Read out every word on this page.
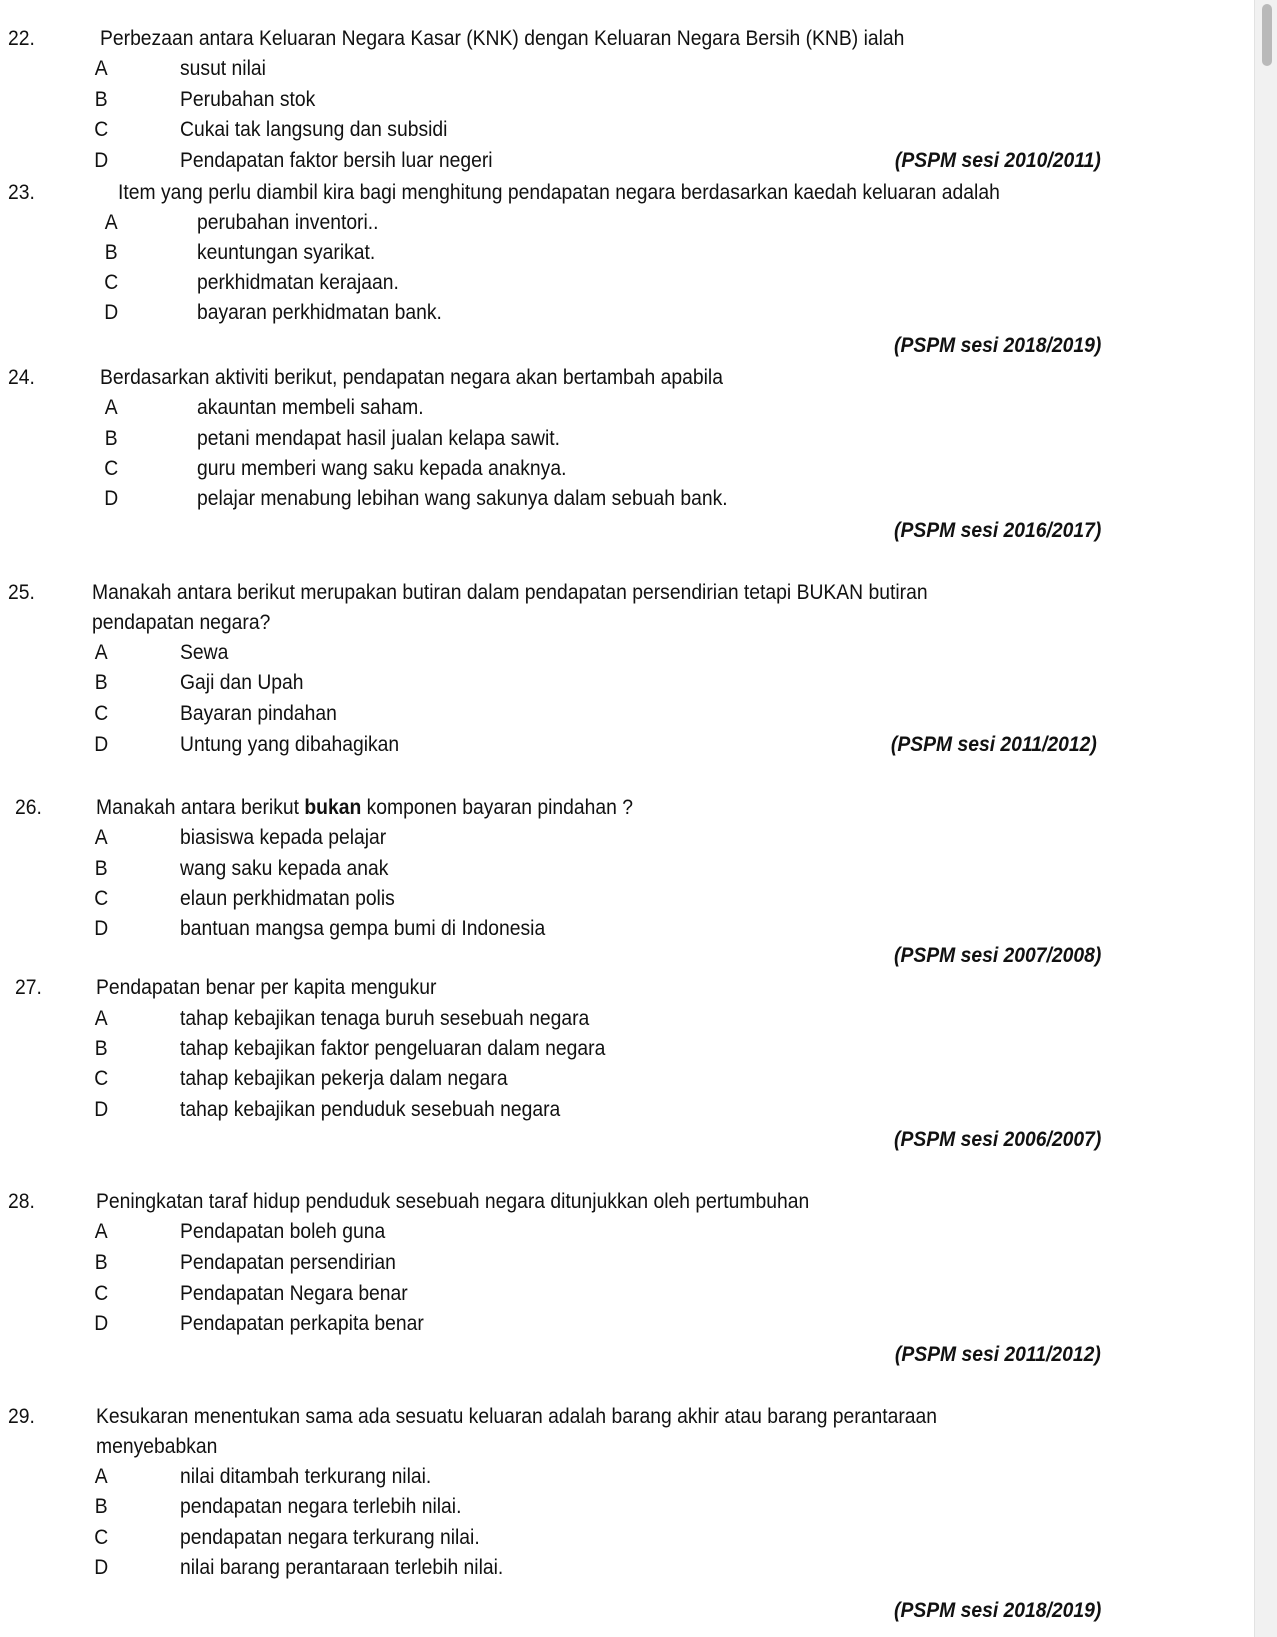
22.	Perbezaan antara Keluaran Negara Kasar (KNK) dengan Keluaran Negara Bersih (KNB) ialah
A	susut nilai
B	Perubahan stok
C	Cukai tak langsung dan subsidi
D	Pendapatan faktor bersih luar negeri	(PSPM sesi 2010/2011)
23.	Item yang perlu diambil kira bagi menghitung pendapatan negara berdasarkan kaedah keluaran adalah
A	perubahan inventori..
B	keuntungan syarikat.
C	perkhidmatan kerajaan.
D	bayaran perkhidmatan bank.
(PSPM sesi 2018/2019)
24.	Berdasarkan aktiviti berikut, pendapatan negara akan bertambah apabila
A	akauntan membeli saham.
B	petani mendapat hasil jualan kelapa sawit.
C	guru memberi wang saku kepada anaknya.
D	pelajar menabung lebihan wang sakunya dalam sebuah bank.
(PSPM sesi 2016/2017)
25.	Manakah antara berikut merupakan butiran dalam pendapatan persendirian tetapi BUKAN butiran
pendapatan negara?
A	Sewa
B	Gaji dan Upah
C	Bayaran pindahan
D	Untung yang dibahagikan	(PSPM sesi 2011/2012)
26.	Manakah antara berikut bukan komponen bayaran pindahan ?
A	biasiswa kepada pelajar
B	wang saku kepada anak
C	elaun perkhidmatan polis
D	bantuan mangsa gempa bumi di Indonesia
(PSPM sesi 2007/2008)
27.	Pendapatan benar per kapita mengukur
A	tahap kebajikan tenaga buruh sesebuah negara
B	tahap kebajikan faktor pengeluaran dalam negara
C	tahap kebajikan pekerja dalam negara
D	tahap kebajikan penduduk sesebuah negara
(PSPM sesi 2006/2007)
28.	Peningkatan taraf hidup penduduk sesebuah negara ditunjukkan oleh pertumbuhan
A	Pendapatan boleh guna
B	Pendapatan persendirian
C	Pendapatan Negara benar
D	Pendapatan perkapita benar
(PSPM sesi 2011/2012)
29.	Kesukaran menentukan sama ada sesuatu keluaran adalah barang akhir atau barang perantaraan
menyebabkan
A	nilai ditambah terkurang nilai.
B	pendapatan negara terlebih nilai.
C	pendapatan negara terkurang nilai.
D	nilai barang perantaraan terlebih nilai.
(PSPM sesi 2018/2019)
